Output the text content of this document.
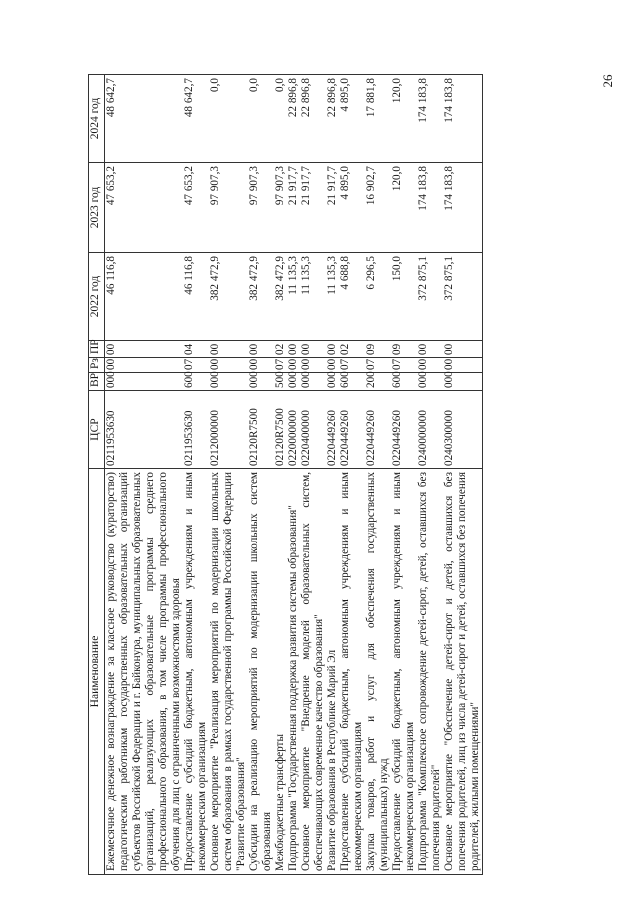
26
Наименование	ЦСР	ВР	Рз	ПР	2022 год	2023 год	2024 год
Ежемесячное денежное вознаграждение за классное руководство (кураторство) педагогическим работникам государственных образовательных организаций субъектов Российской Федерации и г. Байконура, муниципальных образовательных организаций, реализующих образовательные программы среднего профессионального образования, в том числе программы профессионального обучения для лиц с ограниченными возможностями здоровья	0211953630	000	00	00	46 116,8	47 653,2	48 642,7
Предоставление субсидий бюджетным, автономным учреждениям и иным некоммерческим организациям	0211953630	600	07	04	46 116,8	47 653,2	48 642,7
Основное мероприятие "Реализация мероприятий по модернизации школьных систем образования в рамках государственной программы Российской Федерации "Развитие образования"	0212000000	000	00	00	382 472,9	97 907,3	0,0
Субсидии на реализацию мероприятий по модернизации школьных систем образования	02120R7500	000	00	00	382 472,9	97 907,3	0,0
Межбюджетные трансферты	02120R7500	500	07	02	382 472,9	97 907,3	0,0
Подпрограмма "Государственная поддержка развития системы образования"	0220000000	000	00	00	11 135,3	21 917,7	22 896,8
Основное мероприятие "Внедрение моделей образовательных систем, обеспечивающих современное качество образования"	0220400000	000	00	00	11 135,3	21 917,7	22 896,8
Развитие образования в Республике Марий Эл	0220449260	000	00	00	11 135,3	21 917,7	22 896,8
Предоставление субсидий бюджетным, автономным учреждениям и иным некоммерческим организациям	0220449260	600	07	02	4 688,8	4 895,0	4 895,0
Закупка товаров, работ и услуг для обеспечения государственных (муниципальных) нужд	0220449260	200	07	09	6 296,5	16 902,7	17 881,8
Предоставление субсидий бюджетным, автономным учреждениям и иным некоммерческим организациям	0220449260	600	07	09	150,0	120,0	120,0
Подпрограмма "Комплексное сопровождение детей-сирот, детей, оставшихся без попечения родителей"	0240000000	000	00	00	372 875,1	174 183,8	174 183,8
Основное мероприятие "Обеспечение детей-сирот и детей, оставшихся без попечения родителей, лиц из числа детей-сирот и детей, оставшихся без попечения родителей, жилыми помещениями"	0240300000	000	00	00	372 875,1	174 183,8	174 183,8
